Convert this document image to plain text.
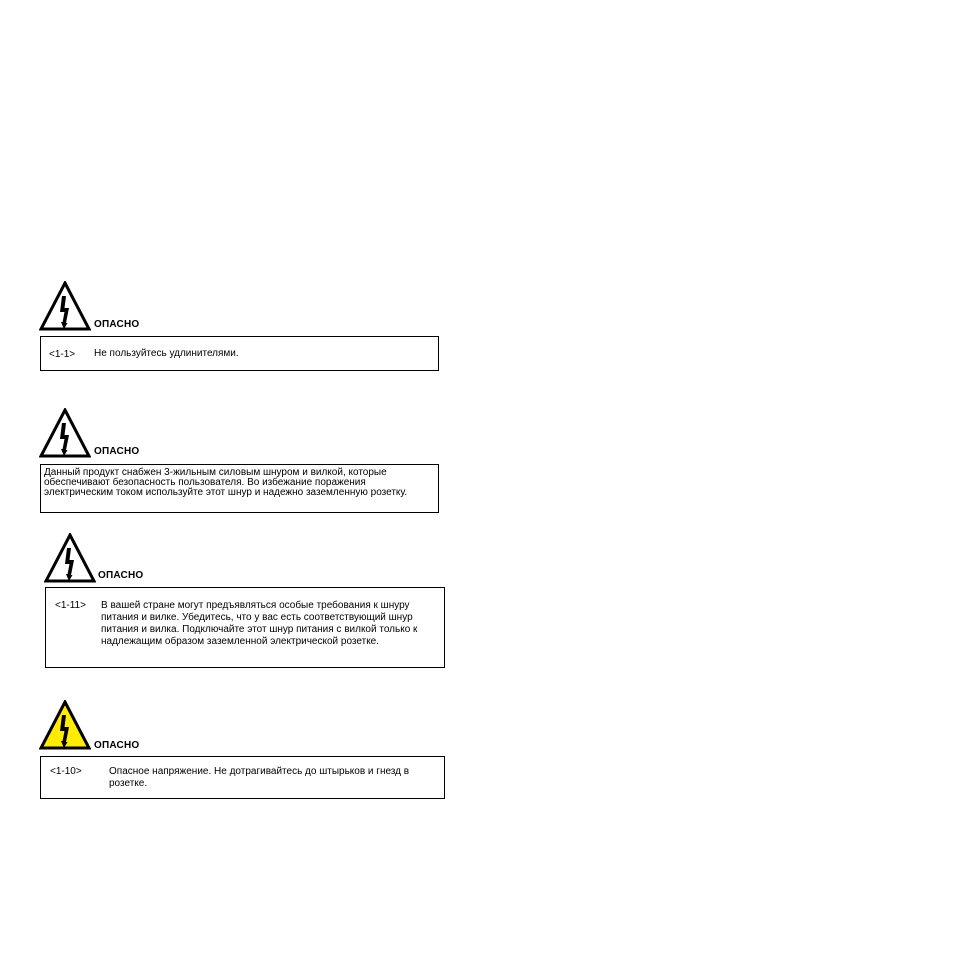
ОПАСНО
<1-1> Не пользуйтесь удлинителями.
ОПАСНО
Данный продукт снабжен 3-жильным силовым шнуром и вилкой, которые обеспечивают безопасность пользователя. Во избежание поражения электрическим током используйте этот шнур и надежно заземленную розетку.
ОПАСНО
<1-11> В вашей стране могут предъявляться особые требования к шнуру питания и вилке. Убедитесь, что у вас есть соответствующий шнур питания и вилка. Подключайте этот шнур питания с вилкой только к надлежащим образом заземленной электрической розетке.
ОПАСНО
<1-10>	Опасное напряжение. Не дотрагивайтесь до штырьков и гнезд в розетке.
